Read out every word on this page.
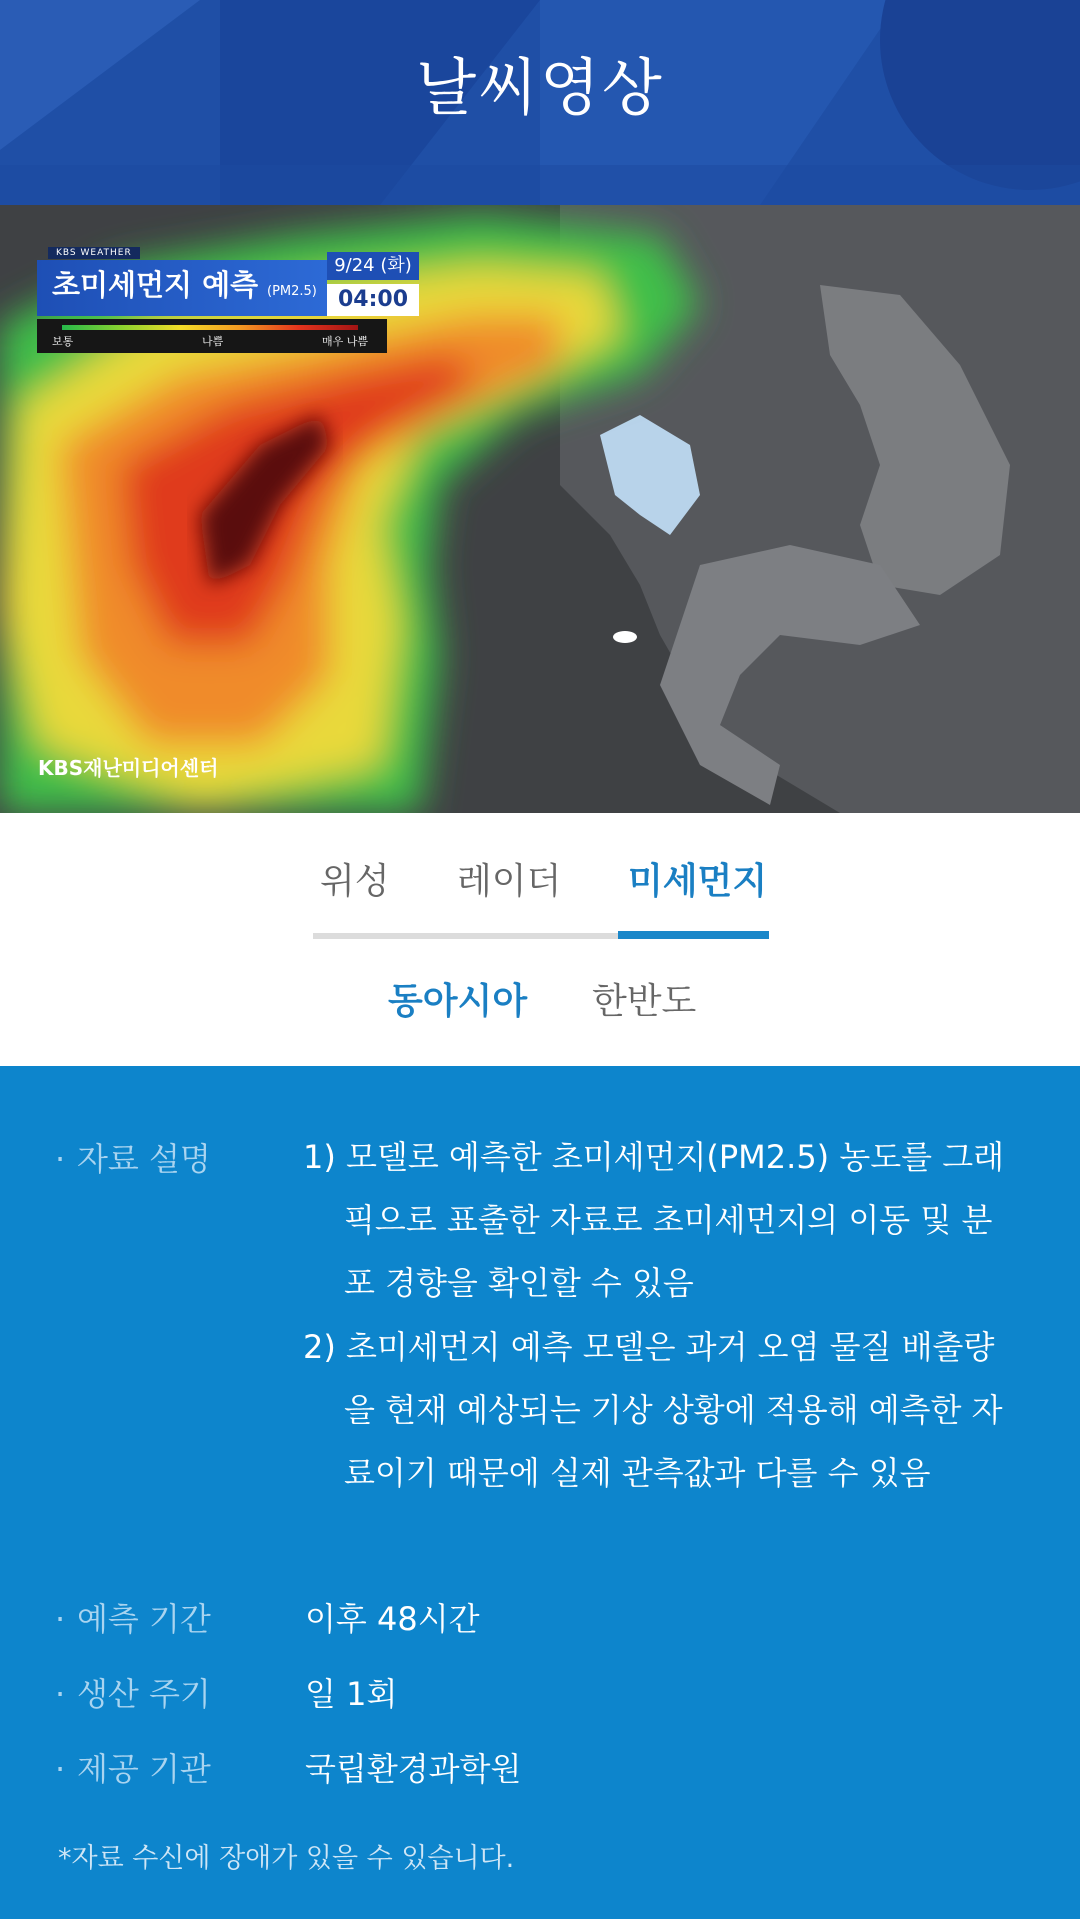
날씨영상
KBS WEATHER
초미세먼지 예측 (PM2.5)
9/24 (화)
04:00
보통	나쁨	매우 나쁨
KBS재난미디어센터
위성 레이더 미세먼지
동아시아 한반도
· 자료 설명	1) 모델로 예측한 초미세먼지(PM2.5) 농도를 그래픽으로 표출한 자료로 초미세먼지의 이동 및 분포 경향을 확인할 수 있음
2) 초미세먼지 예측 모델은 과거 오염 물질 배출량을 현재 예상되는 기상 상황에 적용해 예측한 자료이기 때문에 실제 관측값과 다를 수 있음
· 예측 기간	이후 48시간
· 생산 주기	일 1회
· 제공 기관	국립환경과학원
*자료 수신에 장애가 있을 수 있습니다.
